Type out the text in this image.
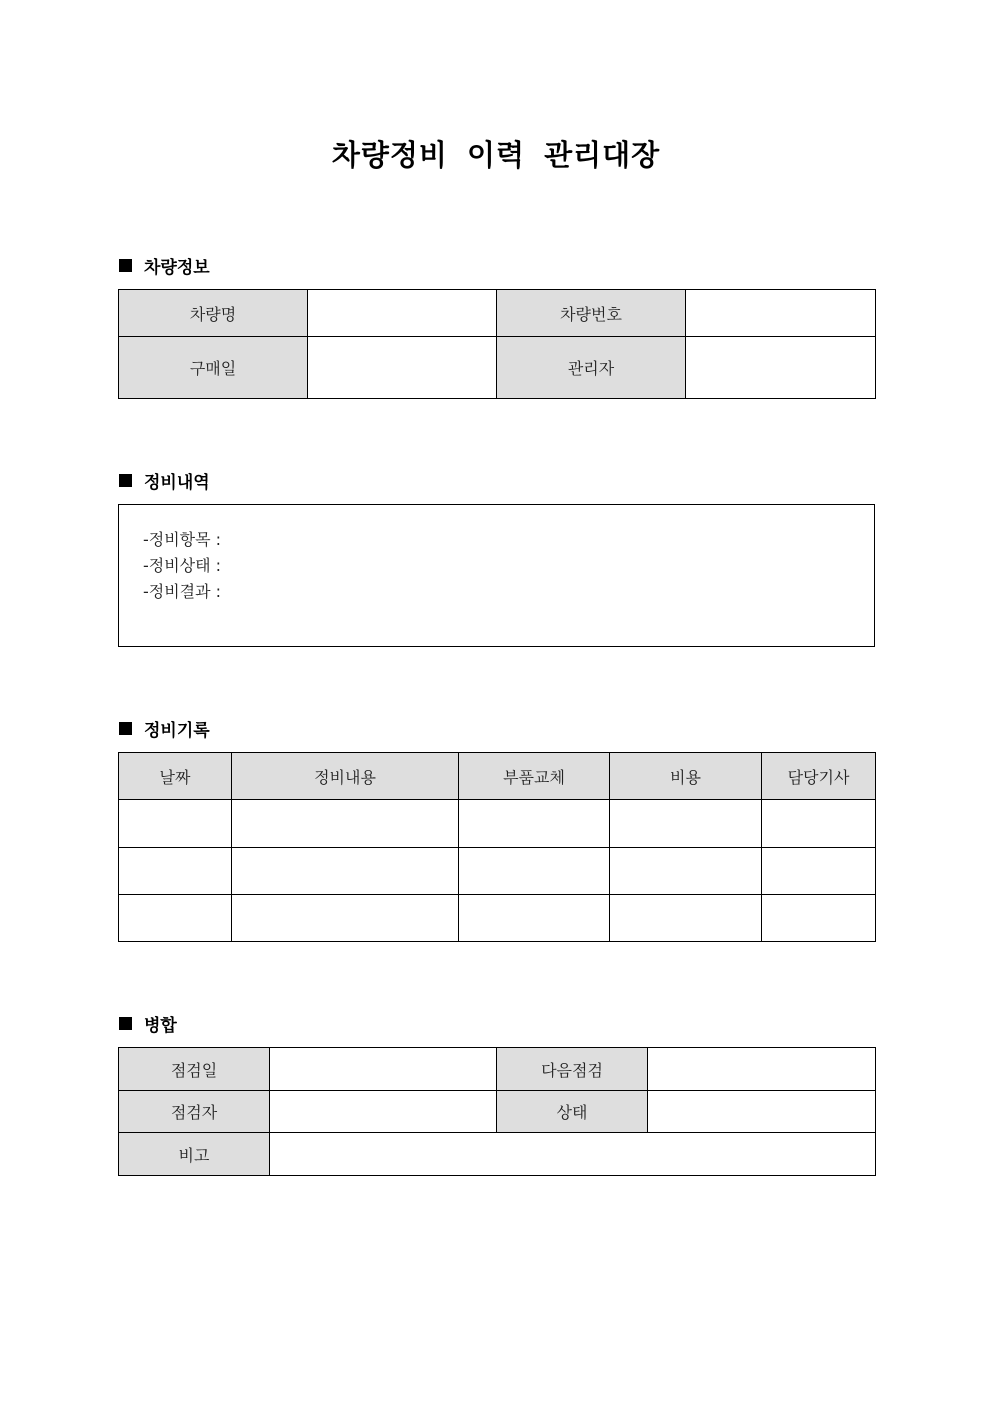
차량정비 이력 관리대장
차량정보
차량명		차량번호	
구매일		관리자	
정비내역
-정비항목 :
-정비상태 :
-정비결과 :
정비기록
날짜	정비내용	부품교체	비용	담당기사

병합
점검일		다음점검	
점검자		상태	
비고			
